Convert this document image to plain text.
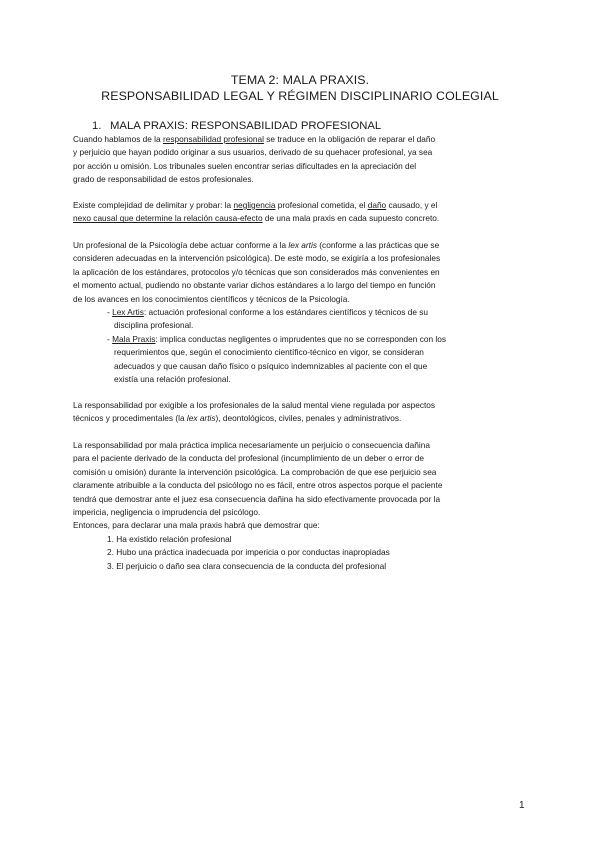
TEMA 2: MALA PRAXIS.
RESPONSABILIDAD LEGAL Y RÉGIMEN DISCIPLINARIO COLEGIAL
1. MALA PRAXIS: RESPONSABILIDAD PROFESIONAL
Cuando hablamos de la responsabilidad profesional se traduce en la obligación de reparar el daño
y perjuicio que hayan podido originar a sus usuarios, derivado de su quehacer profesional, ya sea
por acción u omisión. Los tribunales suelen encontrar serias dificultades en la apreciación del
grado de responsabilidad de estos profesionales.
Existe complejidad de delimitar y probar: la negligencia profesional cometida, el daño causado, y el
nexo causal que determine la relación causa-efecto de una mala praxis en cada supuesto concreto.
Un profesional de la Psicología debe actuar conforme a la lex artis (conforme a las prácticas que se
consideren adecuadas en la intervención psicológica). De este modo, se exigiría a los profesionales
la aplicación de los estándares, protocolos y/o técnicas que son considerados más convenientes en
el momento actual, pudiendo no obstante variar dichos estándares a lo largo del tiempo en función
de los avances en los conocimientos científicos y técnicos de la Psicología.
- Lex Artis: actuación profesional conforme a los estándares científicos y técnicos de su
disciplina profesional.
- Mala Praxis: implica conductas negligentes o imprudentes que no se corresponden con los
requerimientos que, según el conocimiento científico-técnico en vigor, se consideran
adecuados y que causan daño físico o psíquico indemnizables al paciente con el que
existía una relación profesional.
La responsabilidad por exigible a los profesionales de la salud mental viene regulada por aspectos
técnicos y procedimentales (la lex artis), deontológicos, civiles, penales y administrativos.
La responsabilidad por mala práctica implica necesariamente un perjuicio o consecuencia dañina
para el paciente derivado de la conducta del profesional (incumplimiento de un deber o error de
comisión u omisión) durante la intervención psicológica. La comprobación de que ese perjuicio sea
claramente atribuible a la conducta del psicólogo no es fácil, entre otros aspectos porque el paciente
tendrá que demostrar ante el juez esa consecuencia dañina ha sido efectivamente provocada por la
impericia, negligencia o imprudencia del psicólogo.
Entonces, para declarar una mala praxis habrá que demostrar que:
1. Ha existido relación profesional
2. Hubo una práctica inadecuada por impericia o por conductas inapropiadas
3. El perjuicio o daño sea clara consecuencia de la conducta del profesional
1
